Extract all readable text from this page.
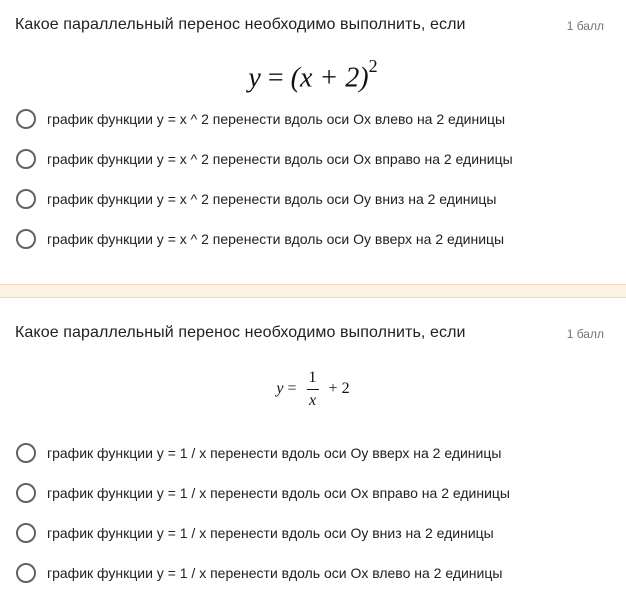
Какое параллельный перенос необходимо выполнить, если	1 балл
$y = (x + 2)^2$
график функции y = x ^ 2 перенести вдоль оси Ox влево на 2 единицы
график функции y = x ^ 2 перенести вдоль оси Ox вправо на 2 единицы
график функции y = x ^ 2 перенести вдоль оси Oy вниз на 2 единицы
график функции y = x ^ 2 перенести вдоль оси Oy вверх на 2 единицы
Какое параллельный перенос необходимо выполнить, если	1 балл
график функции y = 1 / x перенести вдоль оси Oy вверх на 2 единицы
график функции y = 1 / x перенести вдоль оси Ox вправо на 2 единицы
график функции y = 1 / x перенести вдоль оси Oy вниз на 2 единицы
график функции y = 1 / x перенести вдоль оси Ox влево на 2 единицы
$y = \frac{1}{x} + 2$
